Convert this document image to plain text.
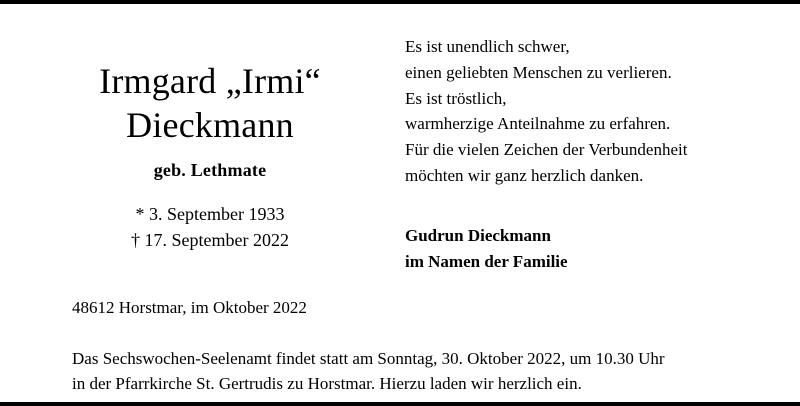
Irmgard „Irmi“
Dieckmann
geb. Lethmate
* 3. September 1933
† 17. September 2022
Es ist unendlich schwer,
einen geliebten Menschen zu verlieren.
Es ist tröstlich,
warmherzige Anteilnahme zu erfahren.
Für die vielen Zeichen der Verbundenheit
möchten wir ganz herzlich danken.
Gudrun Dieckmann
im Namen der Familie
48612 Horstmar, im Oktober 2022
Das Sechswochen-Seelenamt findet statt am Sonntag, 30. Oktober 2022, um 10.30 Uhr
in der Pfarrkirche St. Gertrudis zu Horstmar. Hierzu laden wir herzlich ein.
